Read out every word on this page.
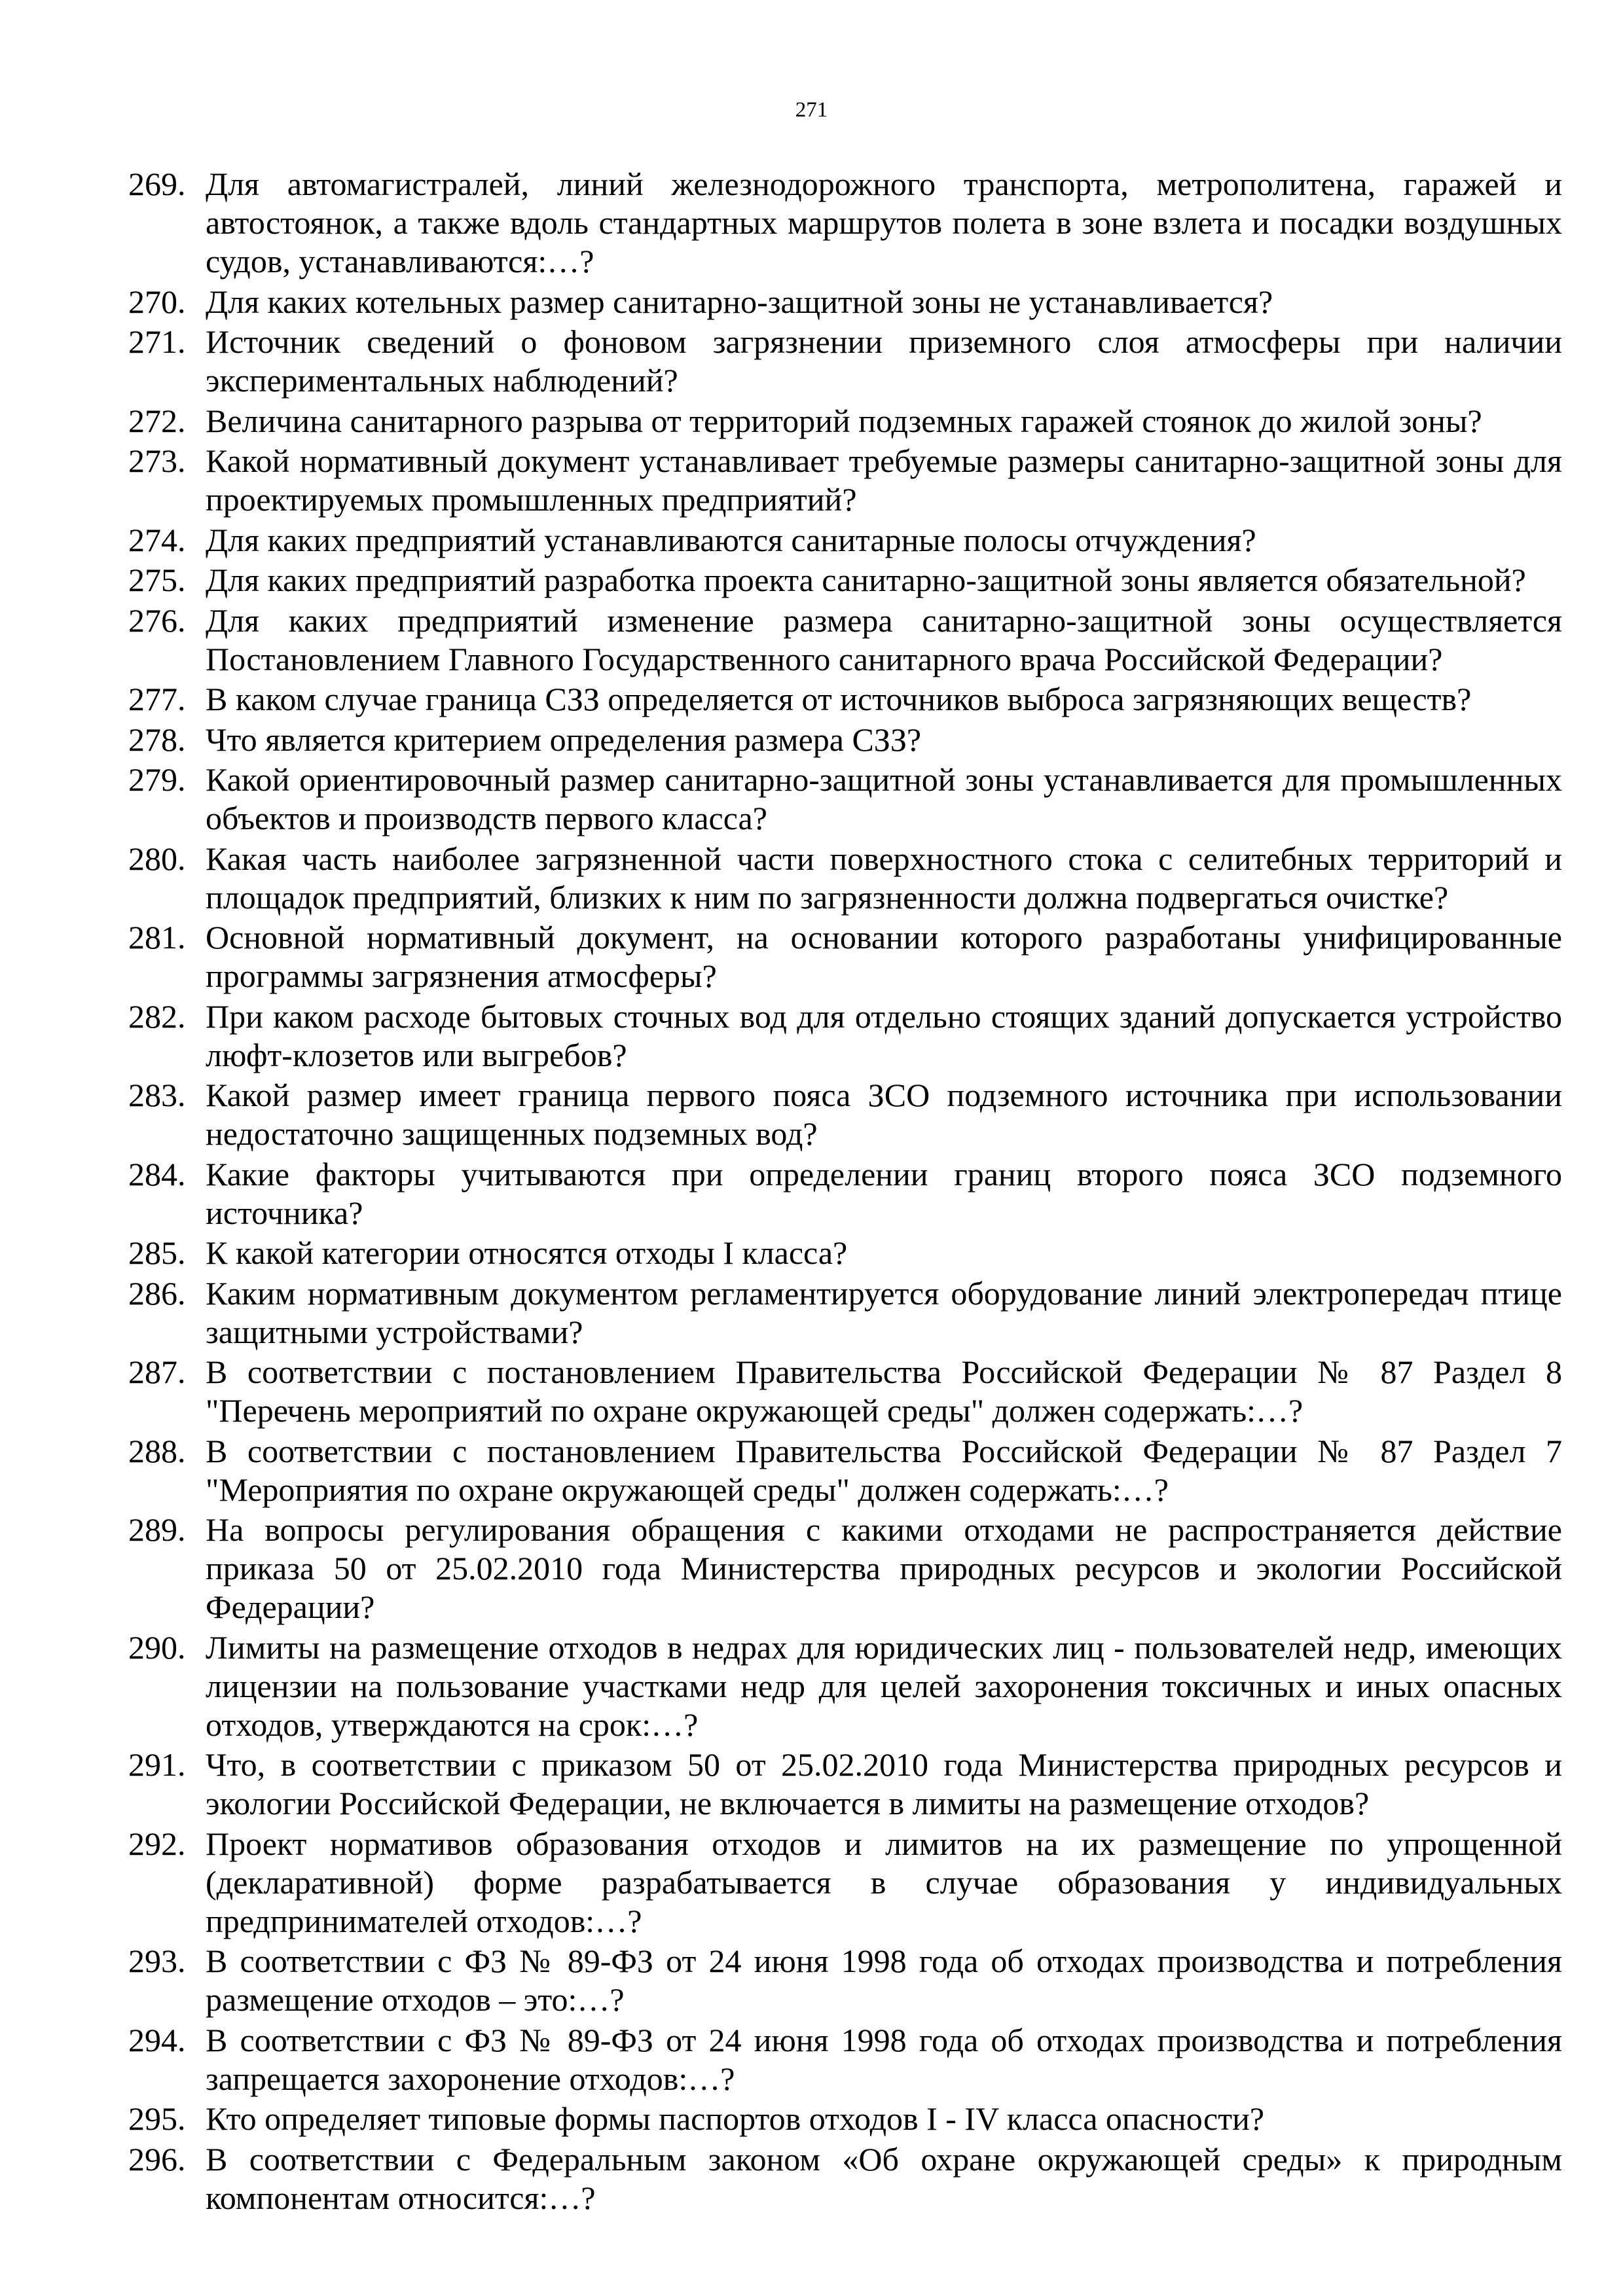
271
269. Для автомагистралей, линий железнодорожного транспорта, метрополитена, гаражей и автостоянок, а также вдоль стандартных маршрутов полета в зоне взлета и посадки воздушных судов, устанавливаются:…?
270. Для каких котельных размер санитарно-защитной зоны не устанавливается?
271. Источник сведений о фоновом загрязнении приземного слоя атмосферы при наличии экспериментальных наблюдений?
272. Величина санитарного разрыва от территорий подземных гаражей стоянок до жилой зоны?
273. Какой нормативный документ устанавливает требуемые размеры санитарно-защитной зоны для проектируемых промышленных предприятий?
274. Для каких предприятий устанавливаются санитарные полосы отчуждения?
275. Для каких предприятий разработка проекта санитарно-защитной зоны является обязательной?
276. Для каких предприятий изменение размера санитарно-защитной зоны осуществляется Постановлением Главного Государственного санитарного врача Российской Федерации?
277. В каком случае граница СЗЗ определяется от источников выброса загрязняющих веществ?
278. Что является критерием определения размера СЗЗ?
279. Какой ориентировочный размер санитарно-защитной зоны устанавливается для промышленных объектов и производств первого класса?
280. Какая часть наиболее загрязненной части поверхностного стока с селитебных территорий и площадок предприятий, близких к ним по загрязненности должна подвергаться очистке?
281. Основной нормативный документ, на основании которого разработаны унифицированные программы загрязнения атмосферы?
282. При каком расходе бытовых сточных вод для отдельно стоящих зданий допускается устройство люфт-клозетов или выгребов?
283. Какой размер имеет граница первого пояса ЗСО подземного источника при использовании недостаточно защищенных подземных вод?
284. Какие факторы учитываются при определении границ второго пояса ЗСО подземного источника?
285. К какой категории относятся отходы I класса?
286. Каким нормативным документом регламентируется оборудование линий электропередач птице защитными устройствами?
287. В соответствии с постановлением Правительства Российской Федерации № 87 Раздел 8 "Перечень мероприятий по охране окружающей среды" должен содержать:…?
288. В соответствии с постановлением Правительства Российской Федерации № 87 Раздел 7 "Мероприятия по охране окружающей среды" должен содержать:…?
289. На вопросы регулирования обращения с какими отходами не распространяется действие приказа 50 от 25.02.2010 года Министерства природных ресурсов и экологии Российской Федерации?
290. Лимиты на размещение отходов в недрах для юридических лиц - пользователей недр, имеющих лицензии на пользование участками недр для целей захоронения токсичных и иных опасных отходов, утверждаются на срок:…?
291. Что, в соответствии с приказом 50 от 25.02.2010 года Министерства природных ресурсов и экологии Российской Федерации, не включается в лимиты на размещение отходов?
292. Проект нормативов образования отходов и лимитов на их размещение по упрощенной (декларативной) форме разрабатывается в случае образования у индивидуальных предпринимателей отходов:…?
293. В соответствии с ФЗ № 89-ФЗ от 24 июня 1998 года об отходах производства и потребления размещение отходов – это:…?
294. В соответствии с ФЗ № 89-ФЗ от 24 июня 1998 года об отходах производства и потребления запрещается захоронение отходов:…?
295. Кто определяет типовые формы паспортов отходов I - IV класса опасности?
296. В соответствии с Федеральным законом «Об охране окружающей среды» к природным компонентам относится:…?
